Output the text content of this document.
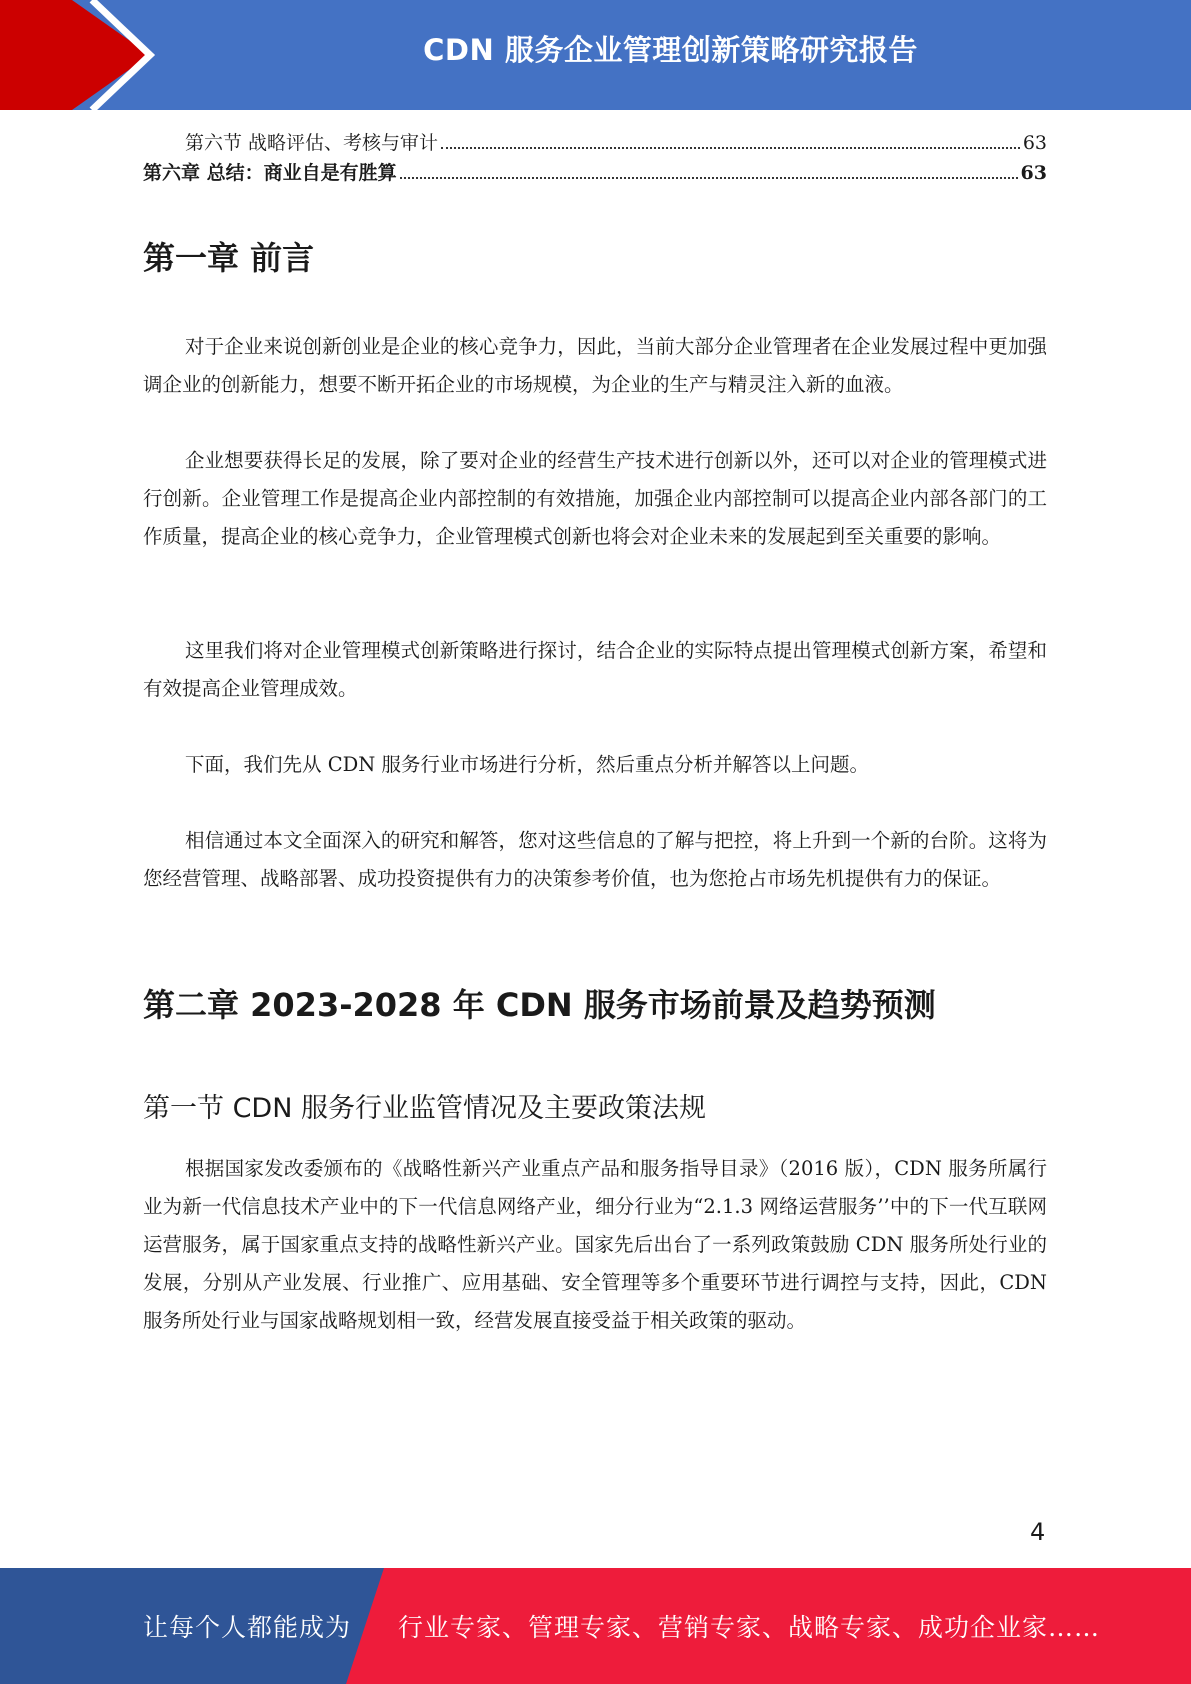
CDN 服务企业管理创新策略研究报告
第六节 战略评估、考核与审计	63
第六章 总结：商业自是有胜算	63
第一章 前言

对于企业来说创新创业是企业的核心竞争力，因此，当前大部分企业管理者在企业发展过程中更加强调企业的创新能力，想要不断开拓企业的市场规模，为企业的生产与精灵注入新的血液。

企业想要获得长足的发展，除了要对企业的经营生产技术进行创新以外，还可以对企业的管理模式进行创新。企业管理工作是提高企业内部控制的有效措施，加强企业内部控制可以提高企业内部各部门的工作质量，提高企业的核心竞争力，企业管理模式创新也将会对企业未来的发展起到至关重要的影响。

这里我们将对企业管理模式创新策略进行探讨，结合企业的实际特点提出管理模式创新方案，希望和有效提高企业管理成效。

下面，我们先从 CDN 服务行业市场进行分析，然后重点分析并解答以上问题。

相信通过本文全面深入的研究和解答，您对这些信息的了解与把控，将上升到一个新的台阶。这将为您经营管理、战略部署、成功投资提供有力的决策参考价值，也为您抢占市场先机提供有力的保证。

第二章 2023-2028 年 CDN 服务市场前景及趋势预测
第一节 CDN 服务行业监管情况及主要政策法规

根据国家发改委颁布的《战略性新兴产业重点产品和服务指导目录》（2016 版），CDN 服务所属行业为新一代信息技术产业中的下一代信息网络产业，细分行业为“2.1.3 网络运营服务’’中的下一代互联网运营服务，属于国家重点支持的战略性新兴产业。国家先后出台了一系列政策鼓励 CDN 服务所处行业的发展，分别从产业发展、行业推广、应用基础、安全管理等多个重要环节进行调控与支持，因此，CDN 服务所处行业与国家战略规划相一致，经营发展直接受益于相关政策的驱动。

4
让每个人都能成为 行业专家、管理专家、营销专家、战略专家、成功企业家……
